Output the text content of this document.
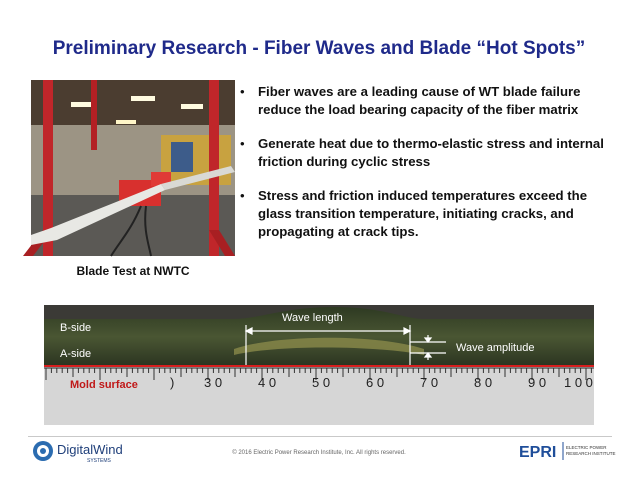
Preliminary Research - Fiber Waves and Blade “Hot Spots”
Blade Test at NWTC
• Fiber waves are a leading cause of WT blade failure reduce the load bearing capacity of the fiber matrix
• Generate heat due to thermo-elastic stress and internal friction during cyclic stress
• Stress and friction induced temperatures exceed the glass transition temperature, initiating cracks, and propagating at crack tips.
B-side
A-side
Wave length
Wave amplitude
Mold surface ) 3 0	4 0	5 0	6 0	7 0	8 0	9 0 1 0 0
DigitalWind
SYSTEMS
© 2016 Electric Power Research Institute, Inc. All rights reserved.	EPRI ELECTRIC POWER
RESEARCH INSTITUTE
